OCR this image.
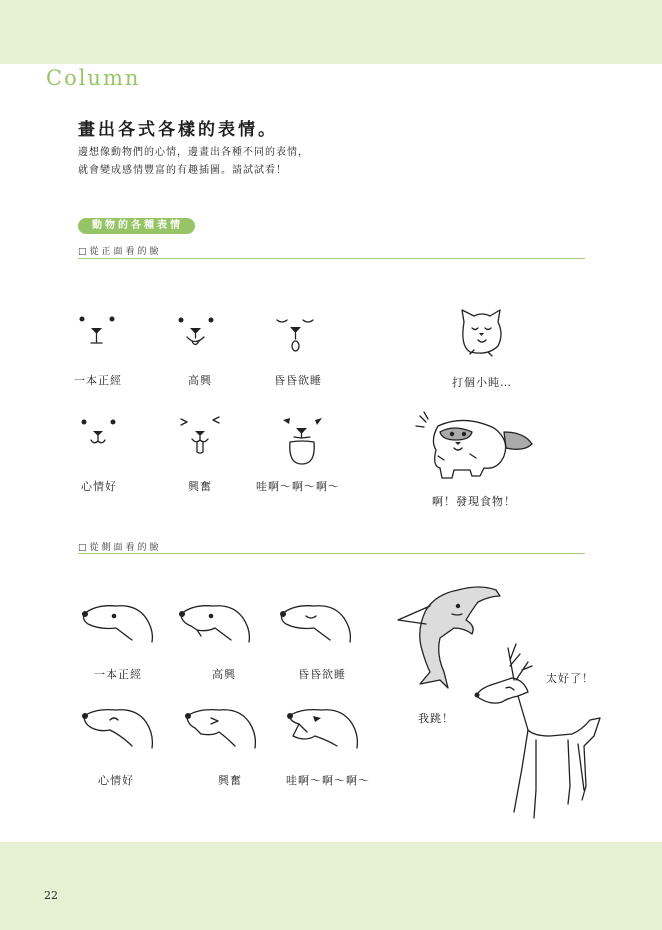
Column
畫出各式各樣的表情。
邊想像動物們的心情，邊畫出各種不同的表情，
就會變成感情豐富的有趣插圖。請試試看！
動物的各種表情
□從正面看的臉
一本正經	高興	昏昏欲睡	打個小盹…
心情好	興奮	哇啊～啊～啊～
啊！發現食物！
□從側面看的臉
一本正經	高興	昏昏欲睡
心情好	興奮	哇啊～啊～啊～
我跳！
太好了！
22
